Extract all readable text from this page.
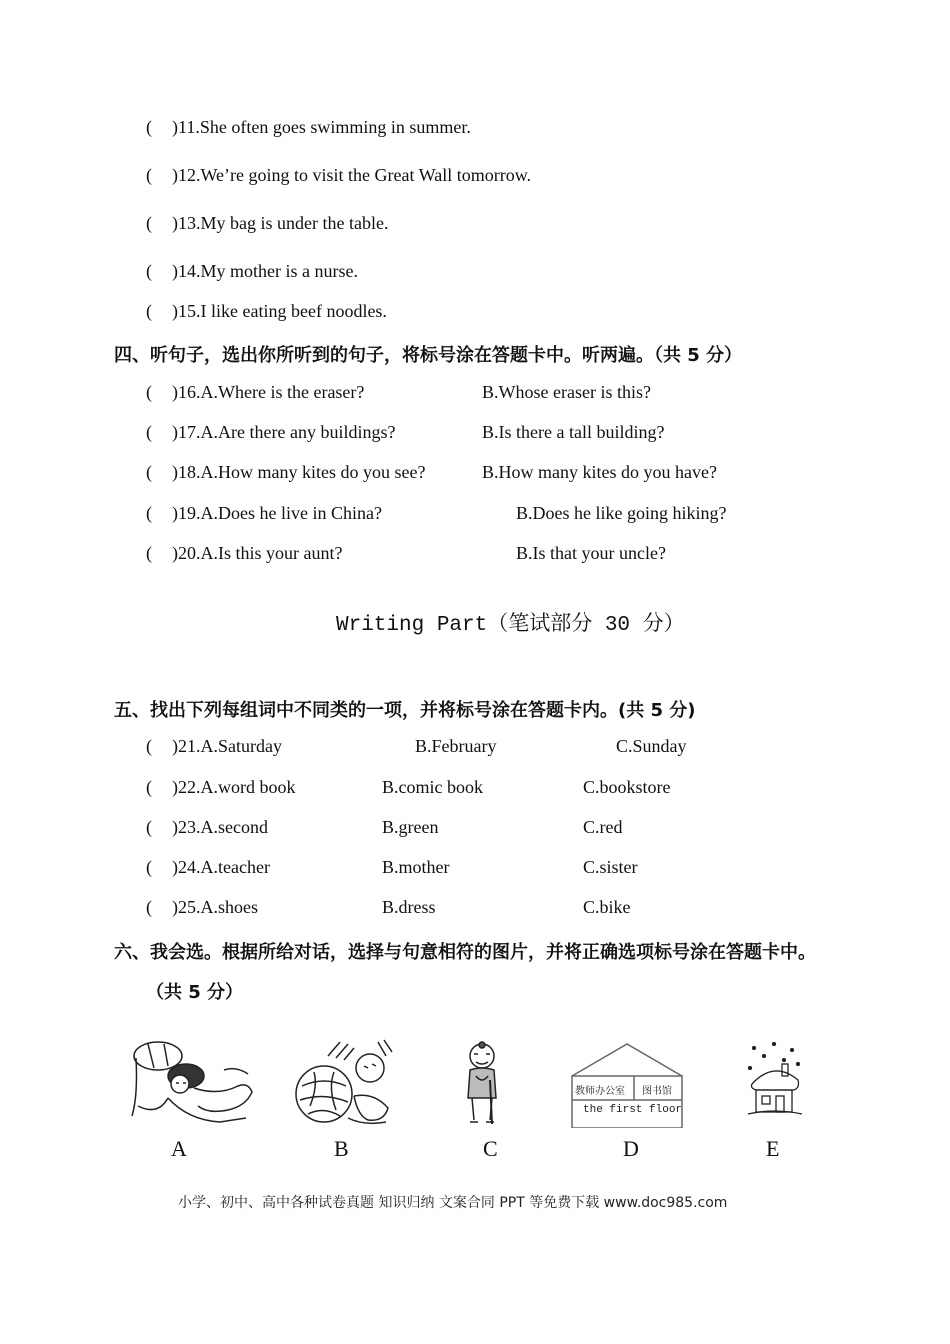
( )11.She often goes swimming in summer.
( )12.We’re going to visit the Great Wall tomorrow.
( )13.My bag is under the table.
( )14.My mother is a nurse.
( )15.I like eating beef noodles.
四、听句子，选出你所听到的句子，将标号涂在答题卡中。听两遍。（共 5 分）
( )16.A.Where is the eraser?	B.Whose eraser is this?
( )17.A.Are there any buildings?	B.Is there a tall building?
( )18.A.How many kites do you see?	B.How many kites do you have?
( )19.A.Does he live in China?	B.Does he like going hiking?
( )20.A.Is this your aunt?	B.Is that your uncle?
Writing Part（笔试部分 30 分）
五、找出下列每组词中不同类的一项，并将标号涂在答题卡内。(共 5 分)
( )21.A.Saturday	B.February	C.Sunday
( )22.A.word book	B.comic book	C.bookstore
( )23.A.second	B.green	C.red
( )24.A.teacher	B.mother	C.sister
( )25.A.shoes	B.dress	C.bike
六、我会选。根据所给对话，选择与句意相符的图片，并将正确选项标号涂在答题卡中。
（共 5 分）
A	B	C
教师办公室 图书馆
the first floor
D	E
小学、初中、高中各种试卷真题 知识归纳 文案合同 PPT 等免费下载 www.doc985.com
